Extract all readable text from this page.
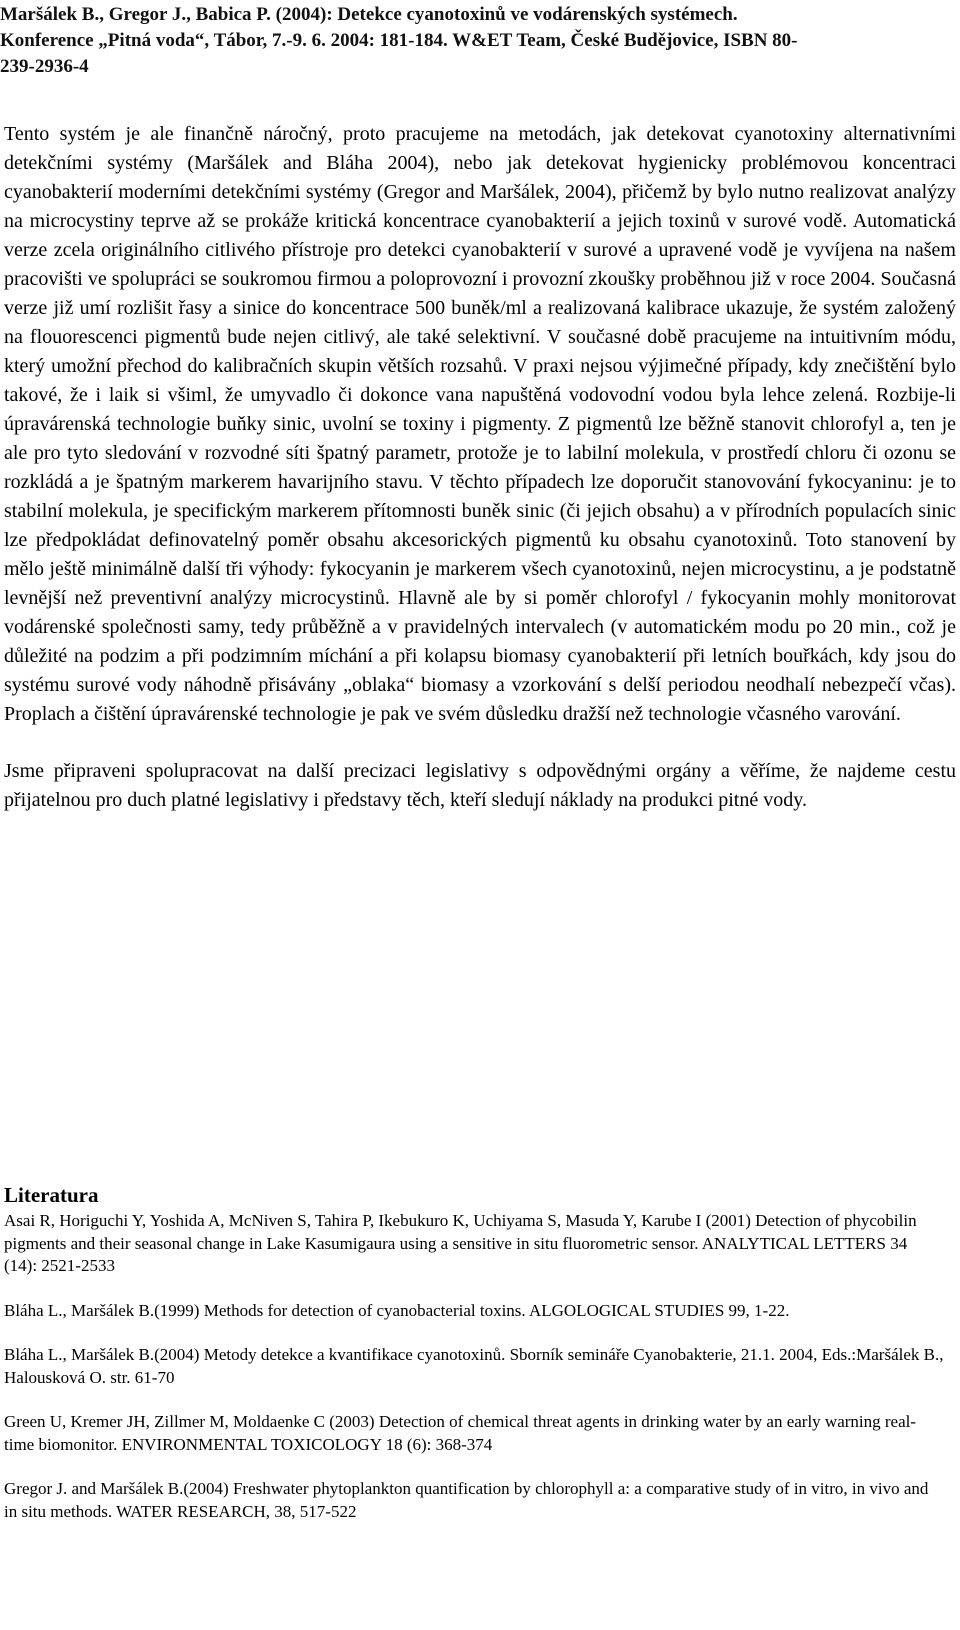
Maršálek B., Gregor J., Babica P. (2004): Detekce cyanotoxinů ve vodárenských systémech.
Konference „Pitná voda“, Tábor, 7.-9. 6. 2004: 181-184. W&ET Team, České Budějovice, ISBN 80-
239-2936-4

Tento systém je ale finančně náročný, proto pracujeme na metodách, jak detekovat cyanotoxiny alternativními detekčními systémy (Maršálek and Bláha 2004), nebo jak detekovat hygienicky problémovou koncentraci cyanobakterií moderními detekčními systémy (Gregor and Maršálek, 2004), přičemž by bylo nutno realizovat analýzy na microcystiny teprve až se prokáže kritická koncentrace cyanobakterií a jejich toxinů v surové vodě. Automatická verze zcela originálního citlivého přístroje pro detekci cyanobakterií v surové a upravené vodě je vyvíjena na našem pracovišti ve spolupráci se soukromou firmou a poloprovozní i provozní zkoušky proběhnou již v roce 2004. Současná verze již umí rozlišit řasy a sinice do koncentrace 500 buněk/ml a realizovaná kalibrace ukazuje, že systém založený na flouorescenci pigmentů bude nejen citlivý, ale také selektivní. V současné době pracujeme na intuitivním módu, který umožní přechod do kalibračních skupin větších rozsahů. V praxi nejsou výjimečné případy, kdy znečištění bylo takové, že i laik si všiml, že umyvadlo či dokonce vana napuštěná vodovodní vodou byla lehce zelená. Rozbije-li úpravárenská technologie buňky sinic, uvolní se toxiny i pigmenty. Z pigmentů lze běžně stanovit chlorofyl a, ten je ale pro tyto sledování v rozvodné síti špatný parametr, protože je to labilní molekula, v prostředí chloru či ozonu se rozkládá a je špatným markerem havarijního stavu. V těchto případech lze doporučit stanovování fykocyaninu: je to stabilní molekula, je specifickým markerem přítomnosti buněk sinic (či jejich obsahu) a v přírodních populacích sinic lze předpokládat definovatelný poměr obsahu akcesorických pigmentů ku obsahu cyanotoxinů. Toto stanovení by mělo ještě minimálně další tři výhody: fykocyanin je markerem všech cyanotoxinů, nejen microcystinu, a je podstatně levnější než preventivní analýzy microcystinů. Hlavně ale by si poměr chlorofyl / fykocyanin mohly monitorovat vodárenské společnosti samy, tedy průběžně a v pravidelných intervalech (v automatickém modu po 20 min., což je důležité na podzim a při podzimním míchání a při kolapsu biomasy cyanobakterií při letních bouřkách, kdy jsou do systému surové vody náhodně přisávány „oblaka“ biomasy a vzorkování s delší periodou neodhalí nebezpečí včas). Proplach a čištění úpravárenské technologie je pak ve svém důsledku dražší než technologie včasného varování.

Jsme připraveni spolupracovat na další precizaci legislativy s odpovědnými orgány a věříme, že najdeme cestu přijatelnou pro duch platné legislativy i představy těch, kteří sledují náklady na produkci pitné vody.

Literatura
Asai R, Horiguchi Y, Yoshida A, McNiven S, Tahira P, Ikebukuro K, Uchiyama S, Masuda Y, Karube I (2001) Detection of phycobilin pigments and their seasonal change in Lake Kasumigaura using a sensitive in situ fluorometric sensor. ANALYTICAL LETTERS 34 (14): 2521-2533
Bláha L., Maršálek B.(1999) Methods for detection of cyanobacterial toxins. ALGOLOGICAL STUDIES 99, 1-22.
Bláha L., Maršálek B.(2004) Metody detekce a kvantifikace cyanotoxinů. Sborník semináře Cyanobakterie, 21.1. 2004, Eds.:Maršálek B., Halousková O. str. 61-70
Green U, Kremer JH, Zillmer M, Moldaenke C (2003) Detection of chemical threat agents in drinking water by an early warning real-time biomonitor. ENVIRONMENTAL TOXICOLOGY 18 (6): 368-374
Gregor J. and Maršálek B.(2004) Freshwater phytoplankton quantification by chlorophyll a: a comparative study of in vitro, in vivo and in situ methods. WATER RESEARCH, 38, 517-522
